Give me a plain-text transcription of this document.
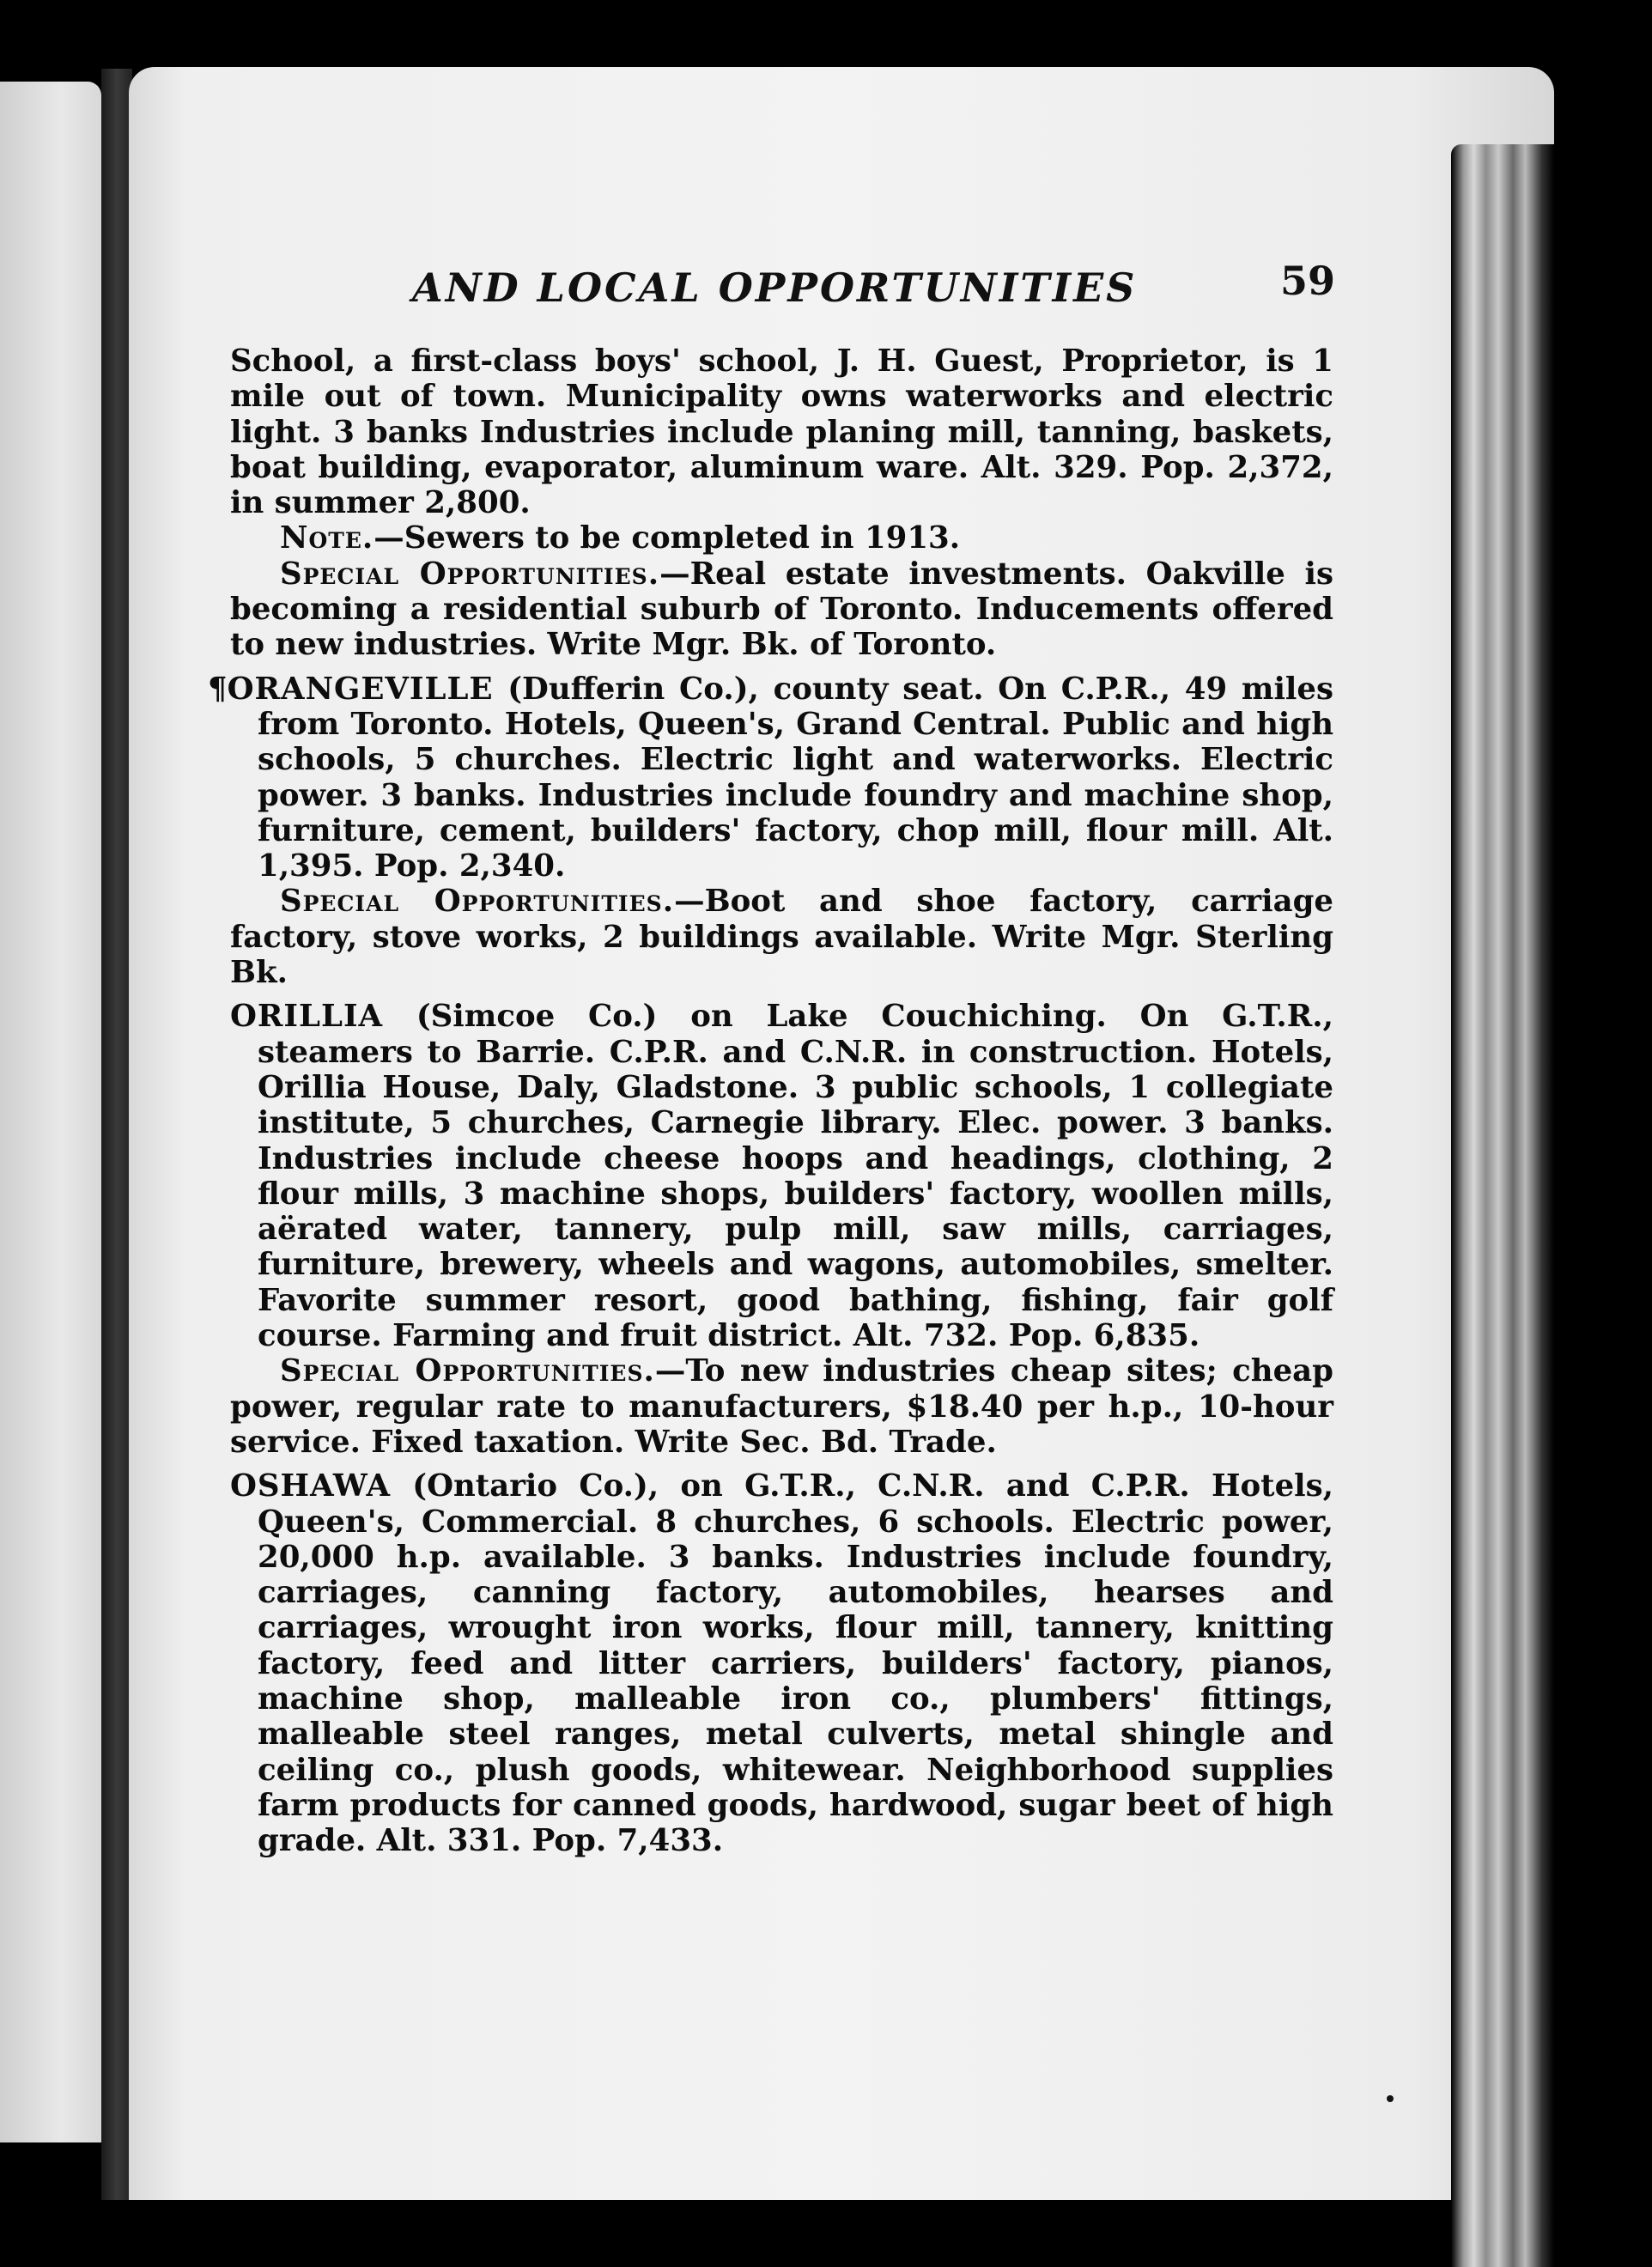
AND LOCAL OPPORTUNITIES	59

School, a first-class boys' school, J. H. Guest, Proprietor, is 1 mile out of town. Municipality owns waterworks and electric light. 3 banks Industries include planing mill, tanning, baskets, boat building, evaporator, aluminum ware. Alt. 329. Pop. 2,372, in summer 2,800.

Note.—Sewers to be completed in 1913.

Special Opportunities.—Real estate investments. Oakville is becoming a residential suburb of Toronto. Inducements offered to new industries. Write Mgr. Bk. of Toronto.

¶ORANGEVILLE (Dufferin Co.), county seat. On C.P.R., 49 miles from Toronto. Hotels, Queen's, Grand Central. Public and high schools, 5 churches. Electric light and waterworks. Electric power. 3 banks. Industries include foundry and machine shop, furniture, cement, builders' factory, chop mill, flour mill. Alt. 1,395. Pop. 2,340.

Special Opportunities.—Boot and shoe factory, carriage factory, stove works, 2 buildings available. Write Mgr. Sterling Bk.

ORILLIA (Simcoe Co.) on Lake Couchiching. On G.T.R., steamers to Barrie. C.P.R. and C.N.R. in construction. Hotels, Orillia House, Daly, Gladstone. 3 public schools, 1 collegiate institute, 5 churches, Carnegie library. Elec. power. 3 banks. Industries include cheese hoops and headings, clothing, 2 flour mills, 3 machine shops, builders' factory, woollen mills, aërated water, tannery, pulp mill, saw mills, carriages, furniture, brewery, wheels and wagons, automobiles, smelter. Favorite summer resort, good bathing, fishing, fair golf course. Farming and fruit district. Alt. 732. Pop. 6,835.

Special Opportunities.—To new industries cheap sites; cheap power, regular rate to manufacturers, $18.40 per h.p., 10-hour service. Fixed taxation. Write Sec. Bd. Trade.

OSHAWA (Ontario Co.), on G.T.R., C.N.R. and C.P.R. Hotels, Queen's, Commercial. 8 churches, 6 schools. Electric power, 20,000 h.p. available. 3 banks. Industries include foundry, carriages, canning factory, automobiles, hearses and carriages, wrought iron works, flour mill, tannery, knitting factory, feed and litter carriers, builders' factory, pianos, machine shop, malleable iron co., plumbers' fittings, malleable steel ranges, metal culverts, metal shingle and ceiling co., plush goods, whitewear. Neighborhood supplies farm products for canned goods, hardwood, sugar beet of high grade. Alt. 331. Pop. 7,433.
